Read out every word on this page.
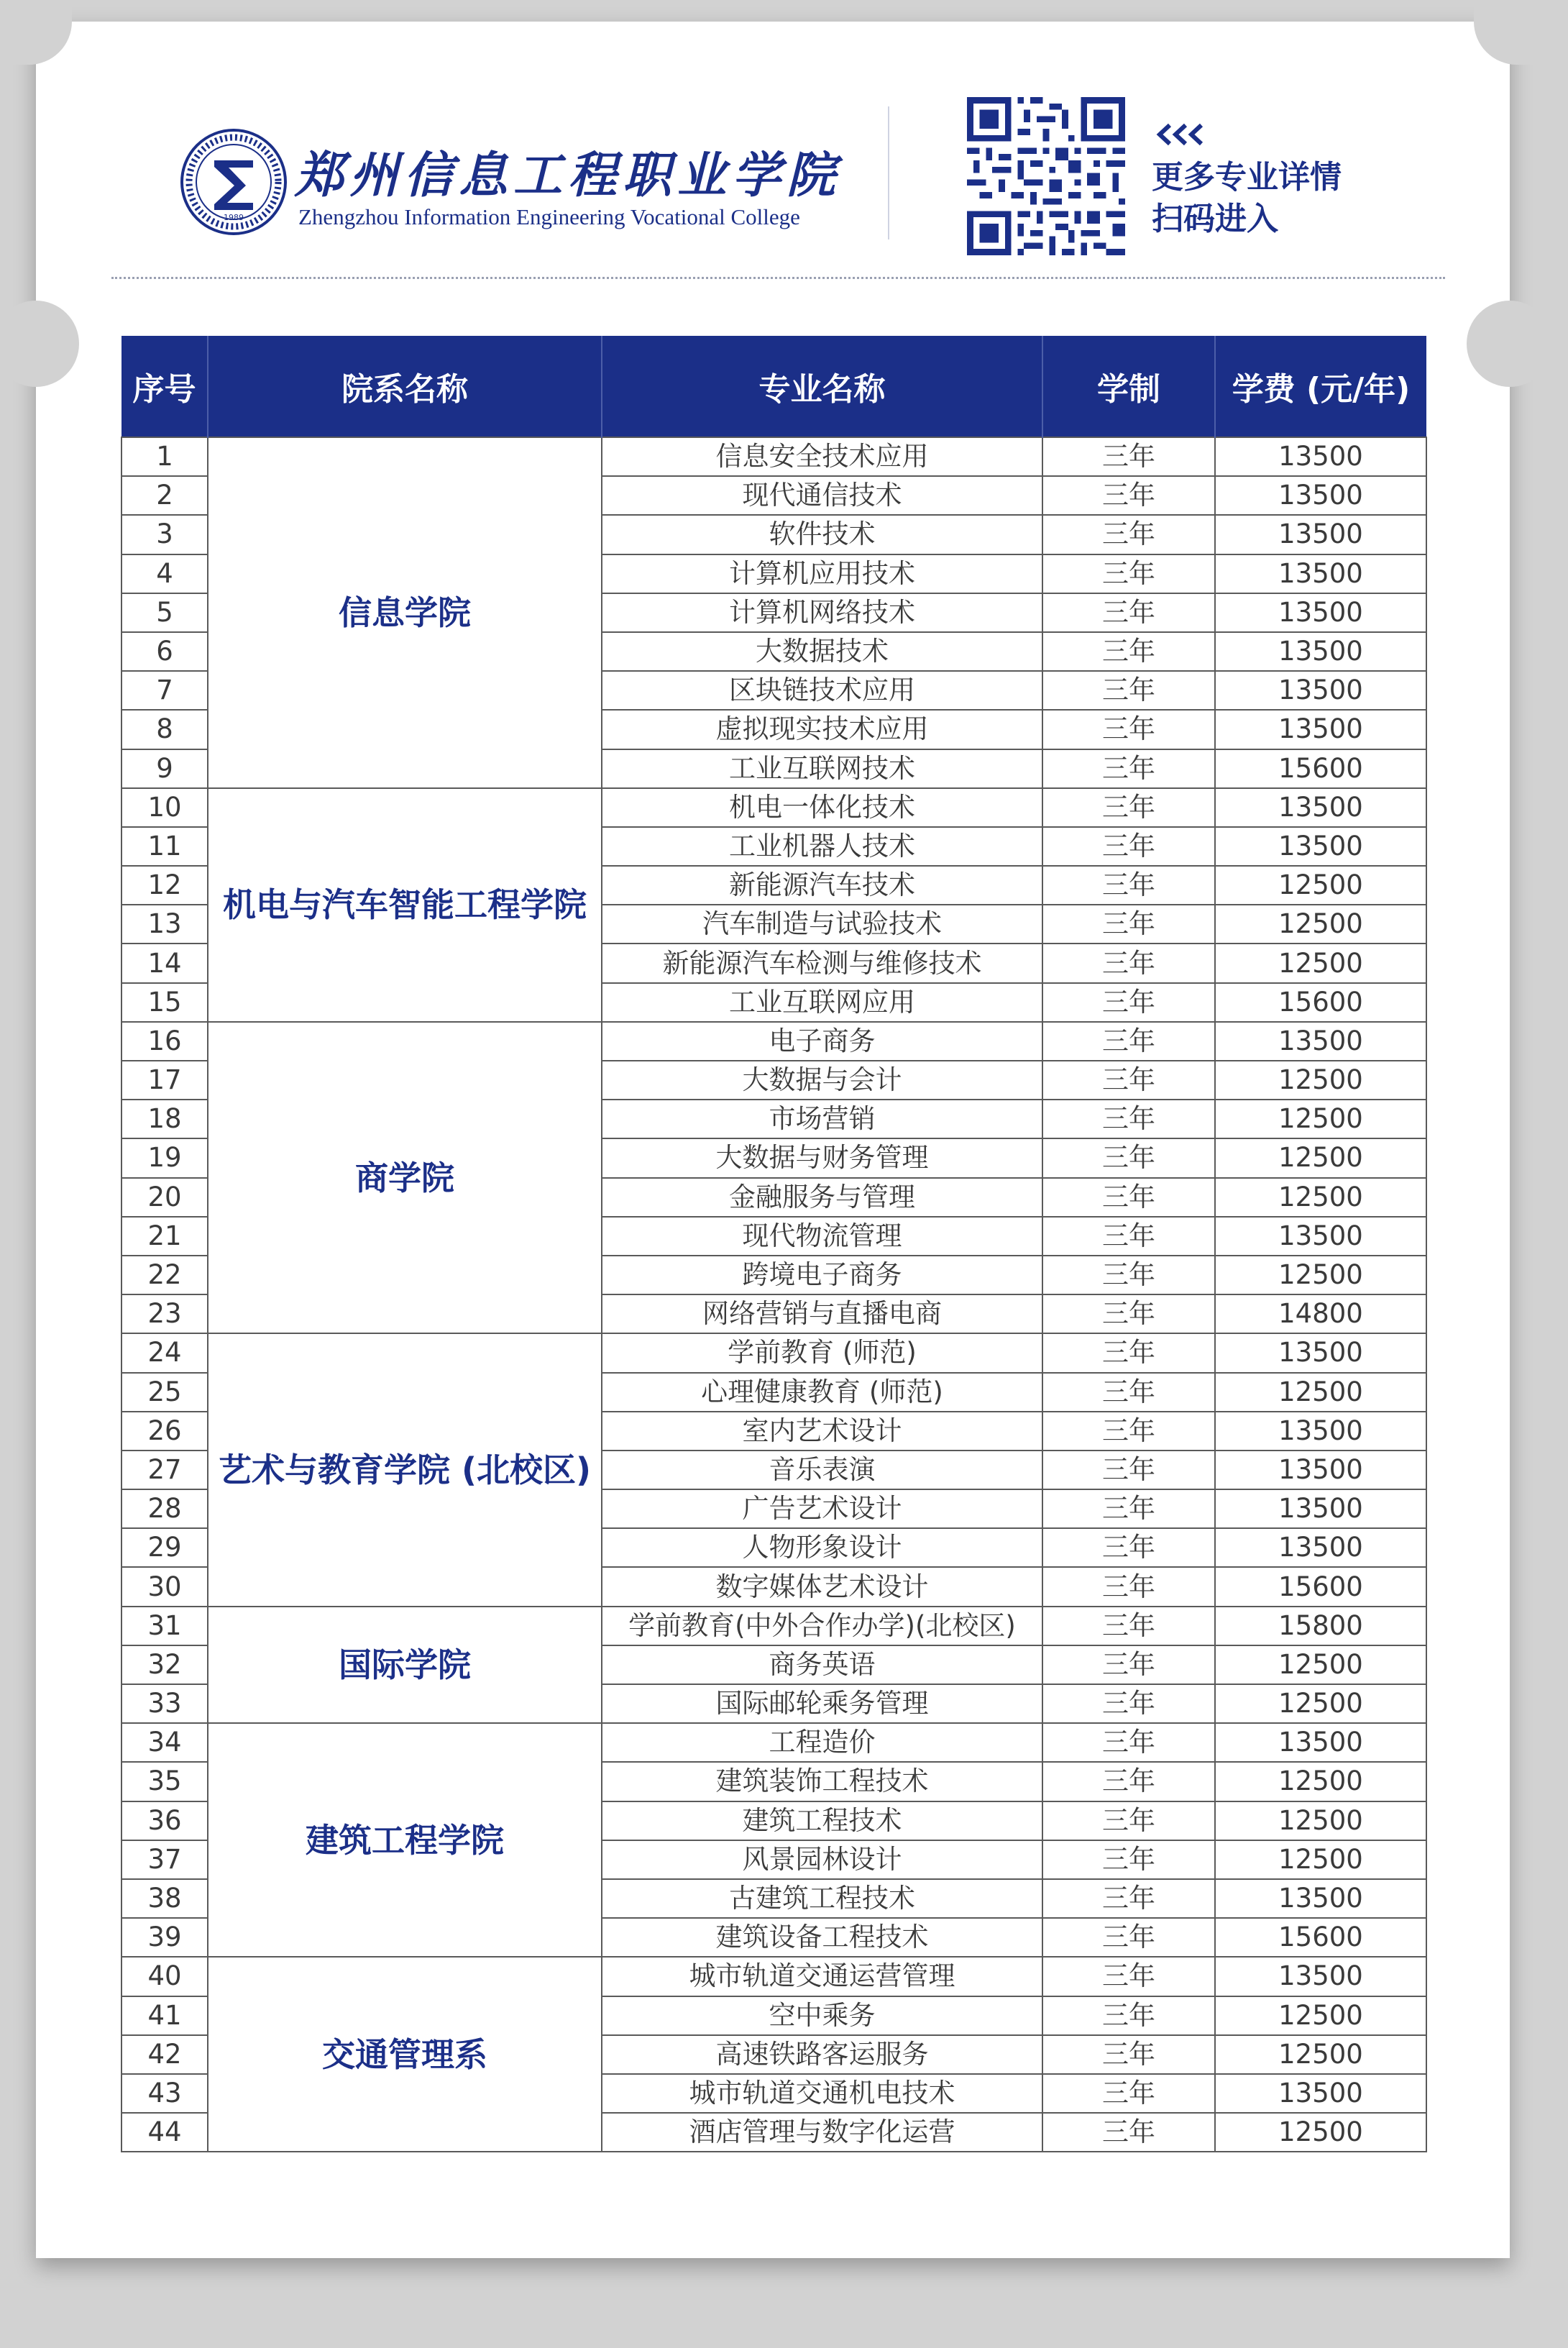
1989
郑州信息工程职业学院
Zhengzhou Information Engineering Vocational College
更多专业详情
扫码进入
序号	院系名称	专业名称	学制	学费 (元/年)
1	信息学院	信息安全技术应用	三年	13500
2		现代通信技术	三年	13500
3		软件技术	三年	13500
4		计算机应用技术	三年	13500
5		计算机网络技术	三年	13500
6		大数据技术	三年	13500
7		区块链技术应用	三年	13500
8		虚拟现实技术应用	三年	13500
9		工业互联网技术	三年	15600
10	机电与汽车智能工程学院	机电一体化技术	三年	13500
11		工业机器人技术	三年	13500
12		新能源汽车技术	三年	12500
13		汽车制造与试验技术	三年	12500
14		新能源汽车检测与维修技术	三年	12500
15		工业互联网应用	三年	15600
16	商学院	电子商务	三年	13500
17		大数据与会计	三年	12500
18		市场营销	三年	12500
19		大数据与财务管理	三年	12500
20		金融服务与管理	三年	12500
21		现代物流管理	三年	13500
22		跨境电子商务	三年	12500
23		网络营销与直播电商	三年	14800
24	艺术与教育学院 (北校区)	学前教育 (师范)	三年	13500
25		心理健康教育 (师范)	三年	12500
26		室内艺术设计	三年	13500
27		音乐表演	三年	13500
28		广告艺术设计	三年	13500
29		人物形象设计	三年	13500
30		数字媒体艺术设计	三年	15600
31	国际学院	学前教育(中外合作办学)(北校区)	三年	15800
32		商务英语	三年	12500
33		国际邮轮乘务管理	三年	12500
34	建筑工程学院	工程造价	三年	13500
35		建筑装饰工程技术	三年	12500
36		建筑工程技术	三年	12500
37		风景园林设计	三年	12500
38		古建筑工程技术	三年	13500
39		建筑设备工程技术	三年	15600
40	交通管理系	城市轨道交通运营管理	三年	13500
41		空中乘务	三年	12500
42		高速铁路客运服务	三年	12500
43		城市轨道交通机电技术	三年	13500
44		酒店管理与数字化运营	三年	12500
